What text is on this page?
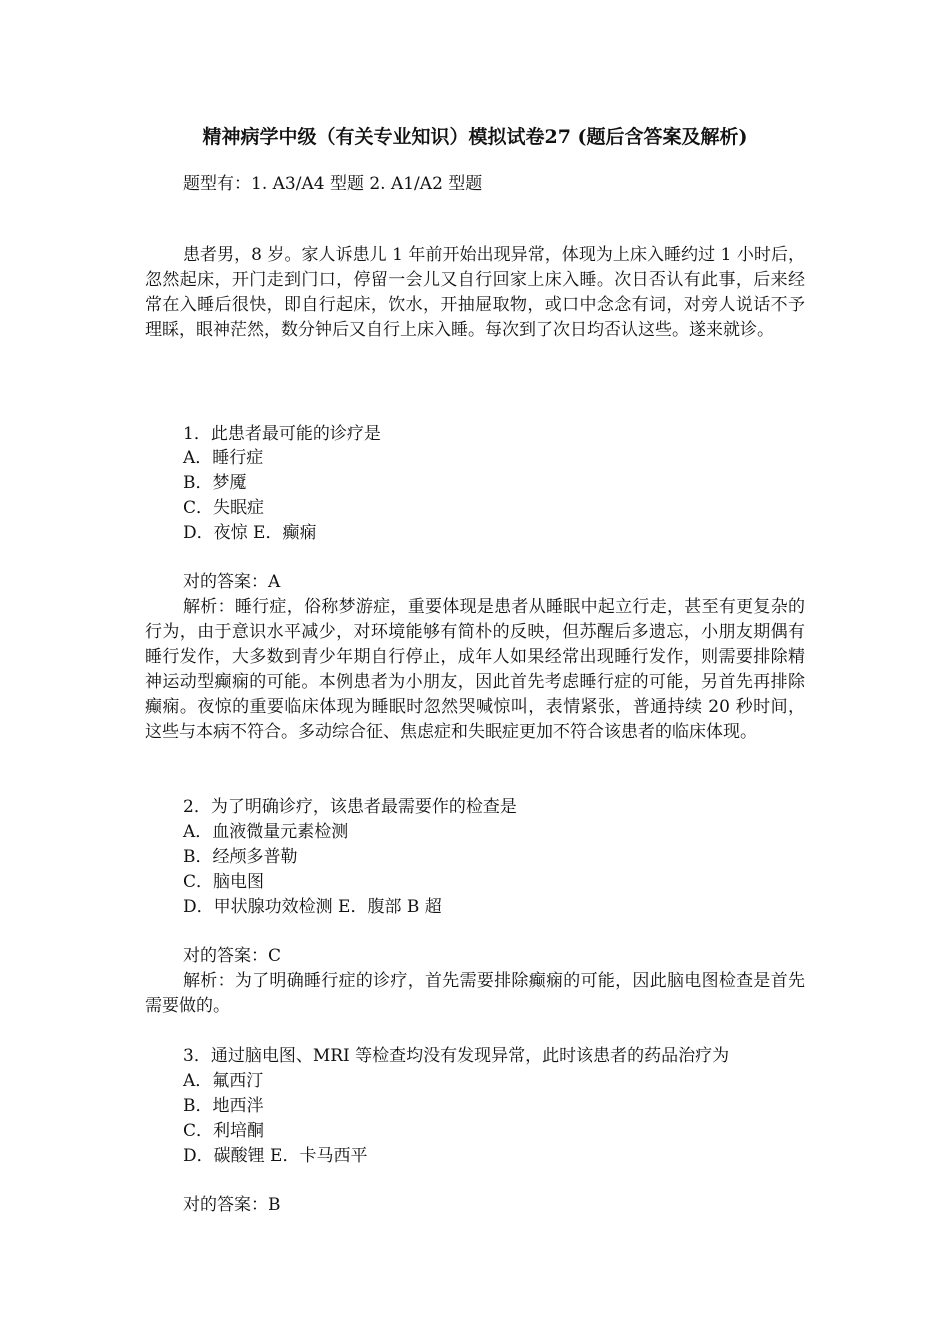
精神病学中级（有关专业知识）模拟试卷27 (题后含答案及解析)
题型有：1. A3/A4 型题 2. A1/A2 型题

患者男，8 岁。家人诉患儿 1 年前开始出现异常，体现为上床入睡约过 1 小时后，忽然起床，开门走到门口，停留一会儿又自行回家上床入睡。次日否认有此事，后来经常在入睡后很快，即自行起床，饮水，开抽屉取物，或口中念念有词，对旁人说话不予理睬，眼神茫然，数分钟后又自行上床入睡。每次到了次日均否认这些。遂来就诊。

1．此患者最可能的诊疗是
A．睡行症
B．梦魇
C．失眠症
D．夜惊 E．癫痫
对的答案：A

解析：睡行症，俗称梦游症，重要体现是患者从睡眠中起立行走，甚至有更复杂的行为，由于意识水平减少，对环境能够有简朴的反映，但苏醒后多遗忘，小朋友期偶有睡行发作，大多数到青少年期自行停止，成年人如果经常出现睡行发作，则需要排除精神运动型癫痫的可能。本例患者为小朋友，因此首先考虑睡行症的可能，另首先再排除癫痫。夜惊的重要临床体现为睡眠时忽然哭喊惊叫，表情紧张，普通持续 20 秒时间，这些与本病不符合。多动综合征、焦虑症和失眠症更加不符合该患者的临床体现。

2．为了明确诊疗，该患者最需要作的检查是
A．血液微量元素检测
B．经颅多普勒
C．脑电图
D．甲状腺功效检测 E．腹部 B 超
对的答案：C

解析：为了明确睡行症的诊疗，首先需要排除癫痫的可能，因此脑电图检查是首先需要做的。

3．通过脑电图、MRI 等检查均没有发现异常，此时该患者的药品治疗为
A．氟西汀
B．地西泮
C．利培酮
D．碳酸锂 E．卡马西平
对的答案：B
